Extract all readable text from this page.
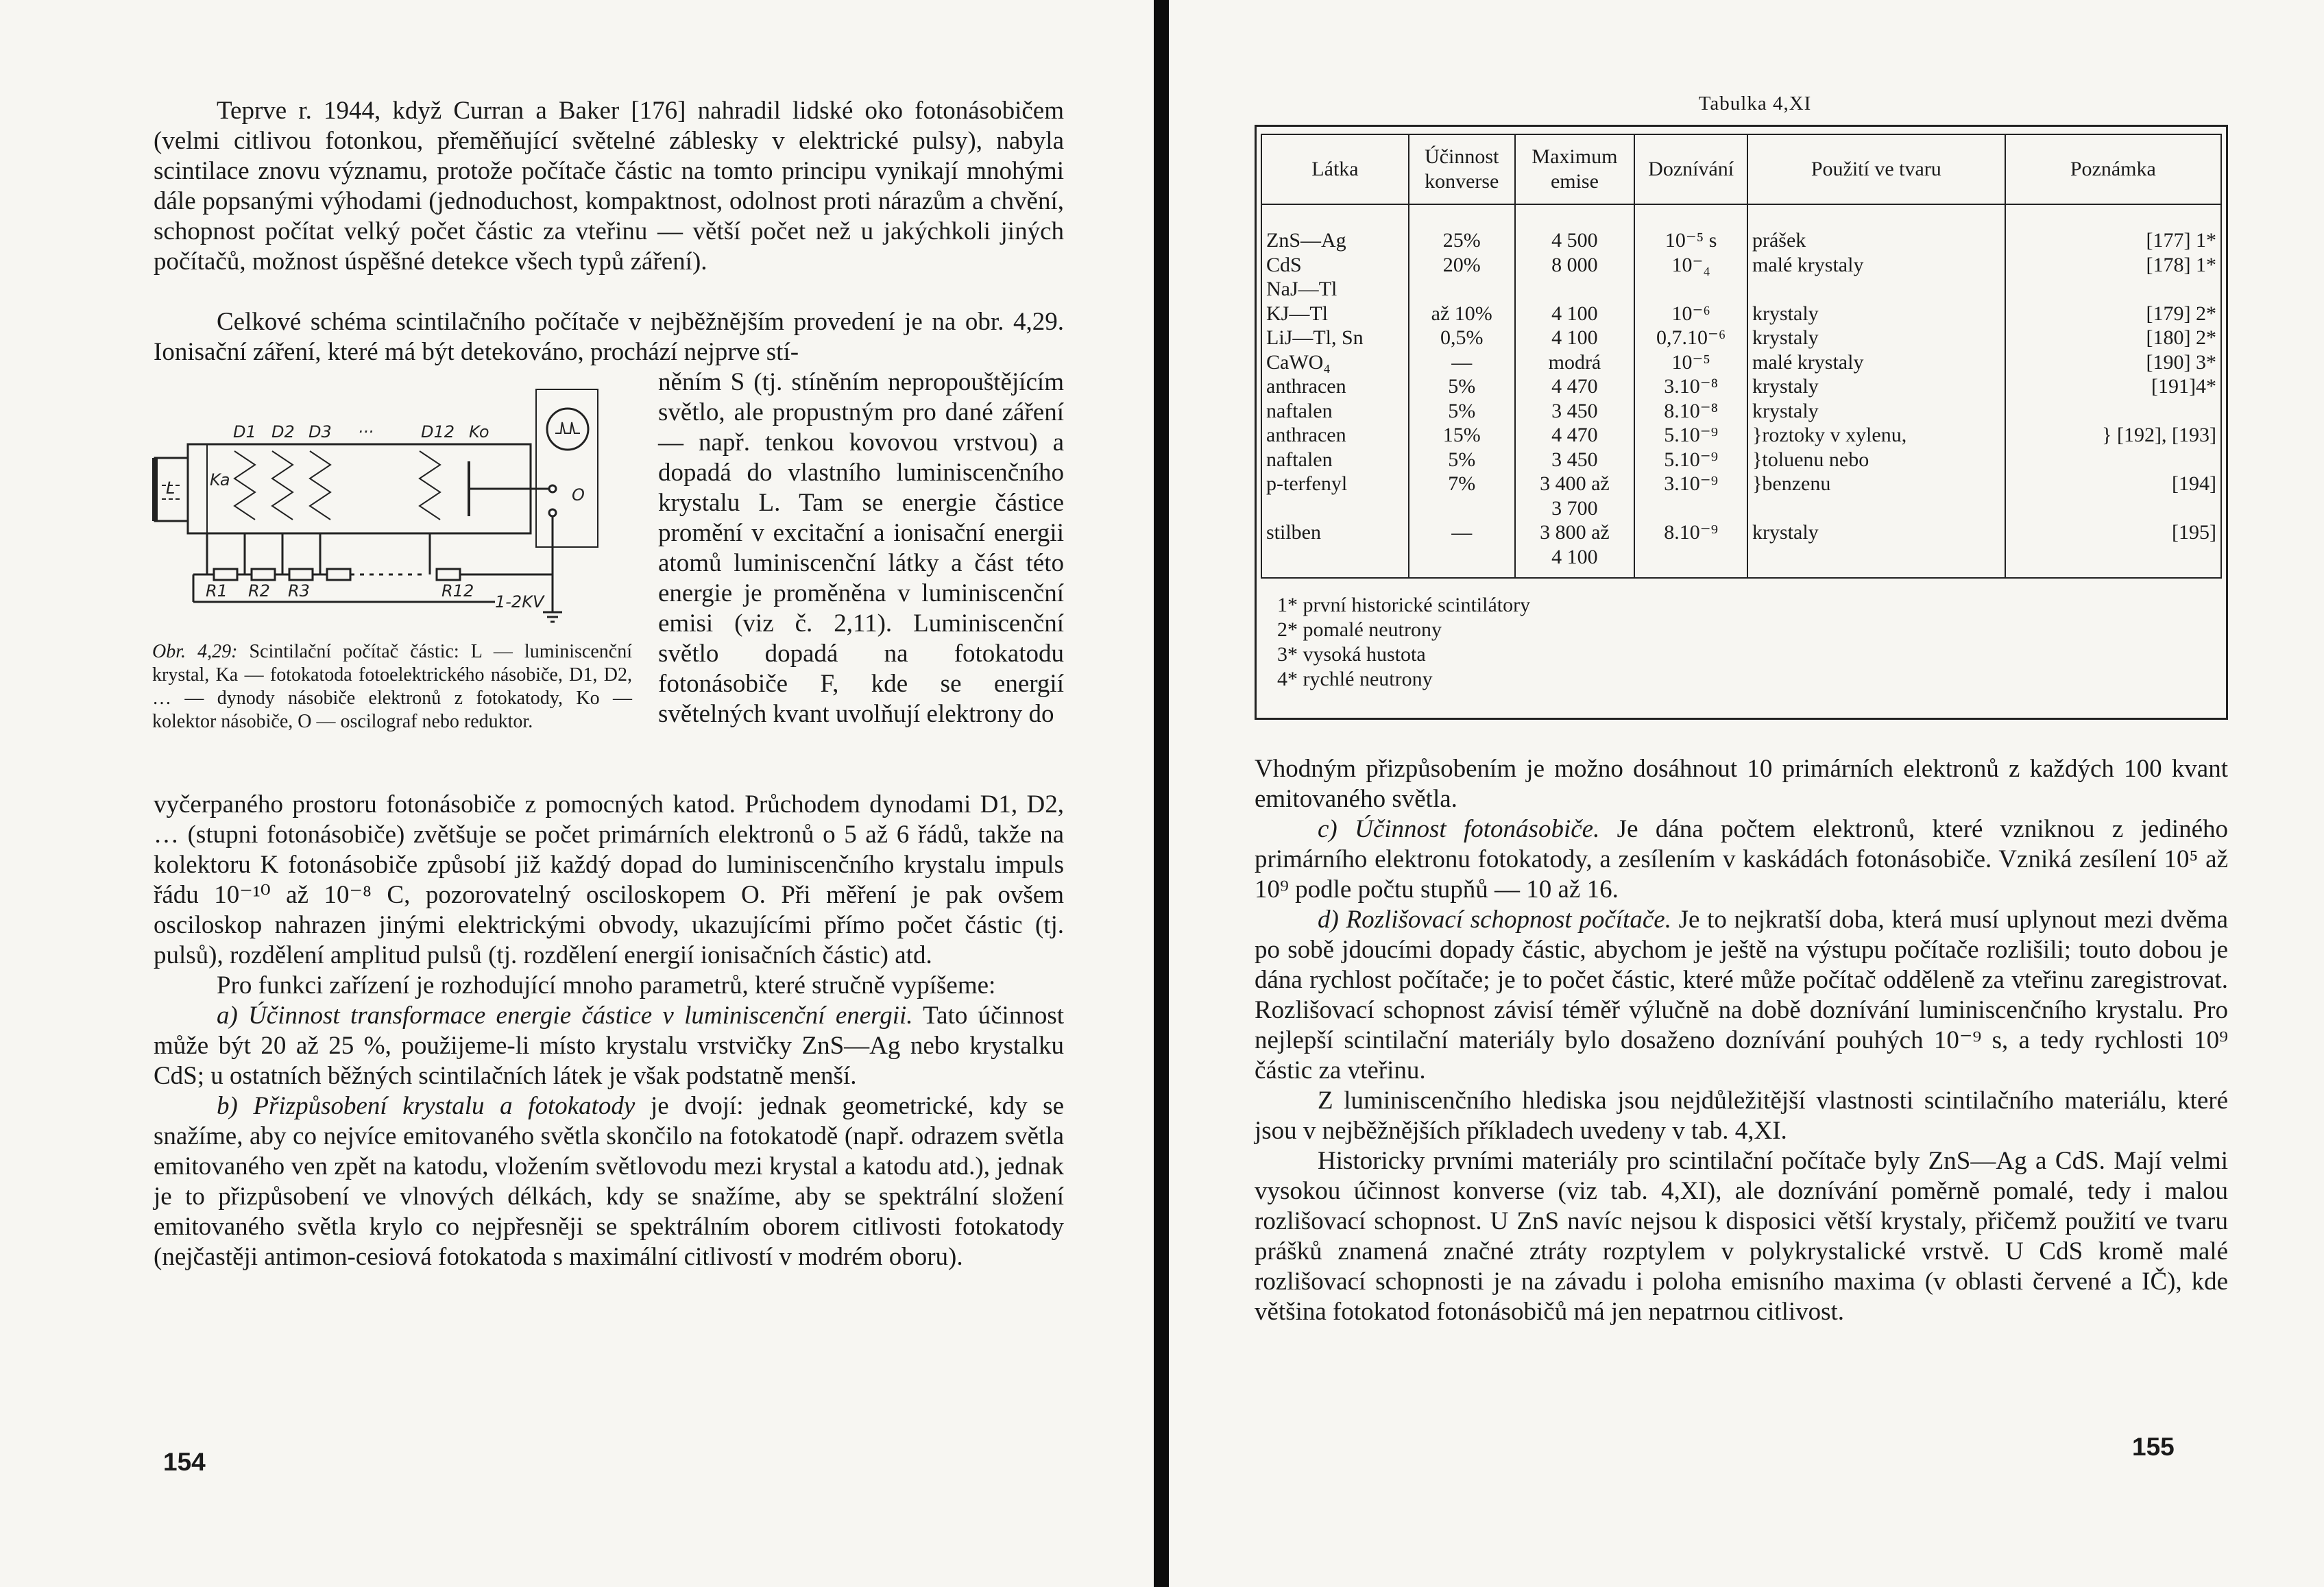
Teprve r. 1944, když Curran a Baker [176] nahradil lidské oko fotonásobičem (velmi citlivou fotonkou, přeměňující světelné záblesky v elektrické pulsy), nabyla scintilace znovu významu, protože počítače částic na tomto principu vynikají mnohými dále popsanými výhodami (jednoduchost, kompaktnost, odolnost proti nárazům a chvění, schopnost počítat velký počet částic za vteřinu — větší počet než u jakýchkoli jiných počítačů, možnost úspěšné detekce všech typů záření).

Celkové schéma scintilačního počítače v nejběžnějším provedení je na obr. 4,29. Ionisační záření, které má být detekováno, prochází nejprve stí-

D1 D2 D3 ···	D12 Ko
Ka
L	O
R1 R2 R3	R12
1-2KV
Obr. 4,29: Scintilační počítač částic: L — luminiscenční krystal, Ka — fotokatoda fotoelektrického násobiče, D1, D2, … — dynody násobiče elektronů z fotokatody, Ko — kolektor násobiče, O — oscilograf nebo reduktor.

něním S (tj. stíněním nepropouštějícím světlo, ale propustným pro dané záření — např. tenkou kovovou vrstvou) a dopadá do vlastního luminiscenčního krystalu L. Tam se energie částice promění v excitační a ionisační energii atomů luminiscenční látky a část této energie je proměněna v luminiscenční emisi (viz č. 2,11). Luminiscenční světlo dopadá na fotokatodu fotonásobiče F, kde se energií světelných kvant uvolňují elektrony do

vyčerpaného prostoru fotonásobiče z pomocných katod. Průchodem dynodami D1, D2, … (stupni fotonásobiče) zvětšuje se počet primárních elektronů o 5 až 6 řádů, takže na kolektoru K fotonásobiče způsobí již každý dopad do luminiscenčního krystalu impuls řádu 10⁻¹⁰ až 10⁻⁸ C, pozorovatelný osciloskopem O. Při měření je pak ovšem osciloskop nahrazen jinými elektrickými obvody, ukazujícími přímo počet částic (tj. pulsů), rozdělení amplitud pulsů (tj. rozdělení energií ionisačních částic) atd.

Pro funkci zařízení je rozhodující mnoho parametrů, které stručně vypíšeme:

a) Účinnost transformace energie částice v luminiscenční energii. Tato účinnost může být 20 až 25 %, použijeme-li místo krystalu vrstvičky ZnS—Ag nebo krystalku CdS; u ostatních běžných scintilačních látek je však podstatně menší.

b) Přizpůsobení krystalu a fotokatody je dvojí: jednak geometrické, kdy se snažíme, aby co nejvíce emitovaného světla skončilo na fotokatodě (např. odrazem světla emitovaného ven zpět na katodu, vložením světlovodu mezi krystal a katodu atd.), jednak je to přizpůsobení ve vlnových délkách, kdy se snažíme, aby se spektrální složení emitovaného světla krylo co nejpřesněji se spektrálním oborem citlivosti fotokatody (nejčastěji antimon-cesiová fotokatoda s maximální citlivostí v modrém oboru).

154
Tabulka 4,XI
Látka	Účinnost konverse	Maximum emise	Doznívání	Použití ve tvaru	Poznámka

ZnS—Ag	25%	4 500	10⁻⁵ s	prášek	[177] 1*
CdS	20%	8 000	10⁻₄	malé krystaly	[178] 1*
NaJ—Tl					
KJ—Tl	až 10%	4 100	10⁻⁶	krystaly	[179] 2*
LiJ—Tl, Sn	0,5%	4 100	0,7.10⁻⁶	krystaly	[180] 2*
CaWO₄	—	modrá	10⁻⁵	malé krystaly	[190] 3*
anthracen	5%	4 470	3.10⁻⁸	krystaly	[191]4*
naftalen	5%	3 450	8.10⁻⁸	krystaly	
anthracen	15%	4 470	5.10⁻⁹	}roztoky v xylenu,	} [192], [193]
naftalen	5%	3 450	5.10⁻⁹	}toluenu nebo	
p-terfenyl	7%	3 400 až	3.10⁻⁹	}benzenu	[194]
		3 700			
stilben	—	3 800 až	8.10⁻⁹	krystaly	[195]
		4 100			
1* první historické scintilátory
2* pomalé neutrony
3* vysoká hustota
4* rychlé neutrony

Vhodným přizpůsobením je možno dosáhnout 10 primárních elektronů z každých 100 kvant emitovaného světla.

c) Účinnost fotonásobiče. Je dána počtem elektronů, které vzniknou z jediného primárního elektronu fotokatody, a zesílením v kaskádách fotonásobiče. Vzniká zesílení 10⁵ až 10⁹ podle počtu stupňů — 10 až 16.

d) Rozlišovací schopnost počítače. Je to nejkratší doba, která musí uplynout mezi dvěma po sobě jdoucími dopady částic, abychom je ještě na výstupu počítače rozlišili; touto dobou je dána rychlost počítače; je to počet částic, které může počítač odděleně za vteřinu zaregistrovat. Rozlišovací schopnost závisí téměř výlučně na době doznívání luminiscenčního krystalu. Pro nejlepší scintilační materiály bylo dosaženo doznívání pouhých 10⁻⁹ s, a tedy rychlosti 10⁹ částic za vteřinu.

Z luminiscenčního hlediska jsou nejdůležitější vlastnosti scintilačního materiálu, které jsou v nejběžnějších příkladech uvedeny v tab. 4,XI.

Historicky prvními materiály pro scintilační počítače byly ZnS—Ag a CdS. Mají velmi vysokou účinnost konverse (viz tab. 4,XI), ale doznívání poměrně pomalé, tedy i malou rozlišovací schopnost. U ZnS navíc nejsou k disposici větší krystaly, přičemž použití ve tvaru prášků znamená značné ztráty rozptylem v polykrystalické vrstvě. U CdS kromě malé rozlišovací schopnosti je na závadu i poloha emisního maxima (v oblasti červené a IČ), kde většina fotokatod fotonásobičů má jen nepatrnou citlivost.

155
